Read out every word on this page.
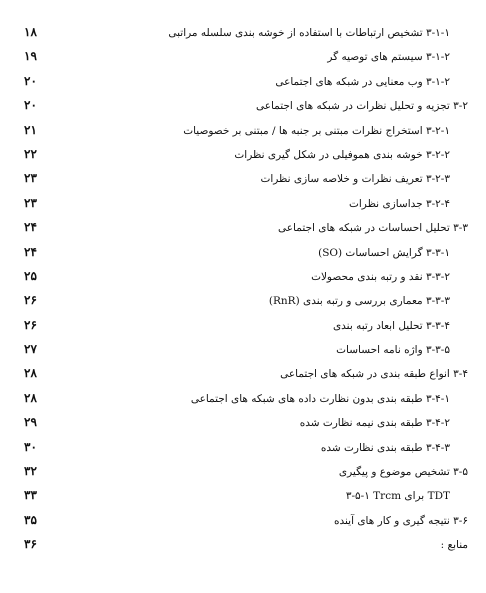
۳-۱-۱ تشخیص ارتباطات با استفاده از خوشه بندی سلسله مراتبی
۱۸
۳-۱-۲ سیستم های توصیه گر
۱۹
۳-۱-۲ وب معنایی در شبکه های اجتماعی
۲۰
۳-۲ تجزیه و تحلیل نظرات در شبکه های اجتماعی
۲۰
۳-۲-۱ استخراج نظرات مبتنی بر جنبه ها / مبتنی بر خصوصیات
۲۱
۳-۲-۲ خوشه بندی هموفیلی در شکل گیری نظرات
۲۲
۳-۲-۳ تعریف نظرات و خلاصه سازی نظرات
۲۳
۳-۲-۴ جداسازی نظرات
۲۳
۳-۳ تحلیل احساسات در شبکه های اجتماعی
۲۴
۳-۳-۱ گرایش احساسات (SO)
۲۴
۳-۳-۲ نقد و رتبه بندی محصولات
۲۵
۳-۳-۳ معماری بررسی و رتبه بندی (RnR)
۲۶
۳-۳-۴ تحلیل ابعاد رتبه بندی
۲۶
۳-۳-۵ واژه نامه احساسات
۲۷
۳-۴ انواع طبقه بندی در شبکه های اجتماعی
۲۸
۳-۴-۱ طبقه بندی بدون نظارت داده های شبکه های اجتماعی
۲۸
۳-۴-۲ طبقه بندی نیمه نظارت شده
۲۹
۳-۴-۳ طبقه بندی نظارت شده
۳۰
۳-۵ تشخیص موضوع و پیگیری
۳۲
۳-۵-۱ Trcm برای TDT
۳۳
۳-۶ نتیجه گیری و کار های آینده
۳۵
منابع :
۳۶
